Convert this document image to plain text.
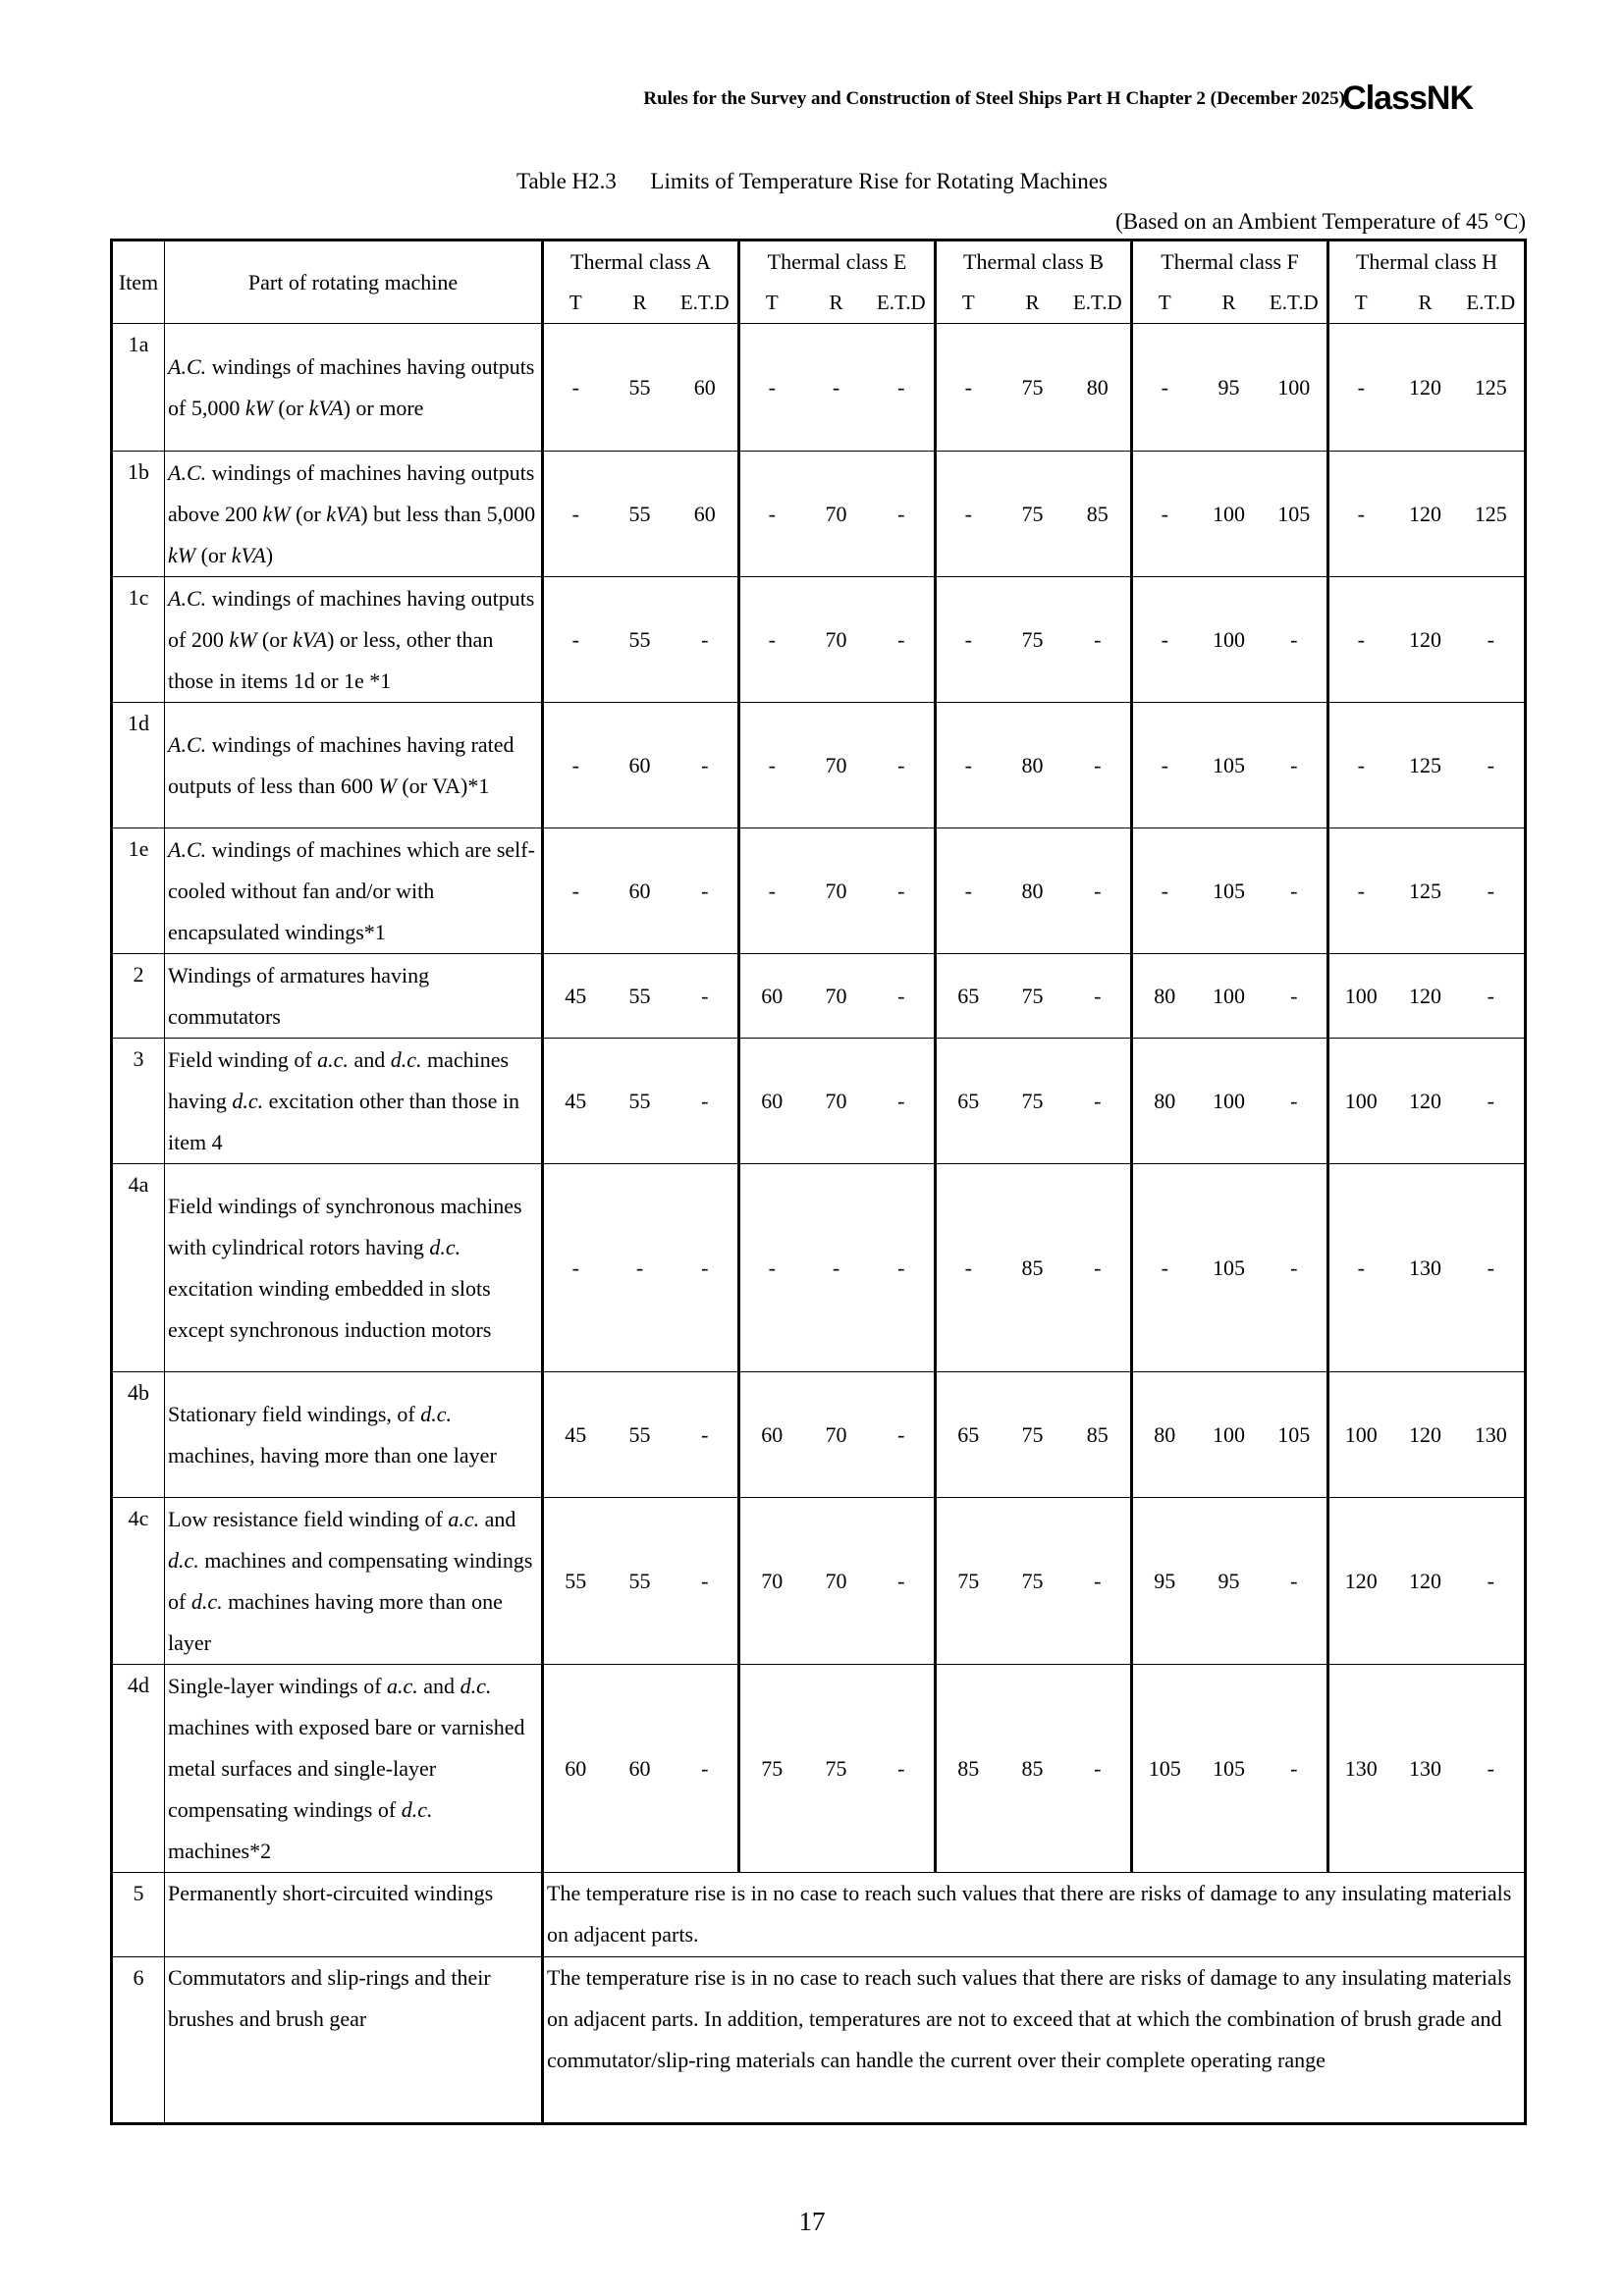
Rules for the Survey and Construction of Steel Ships Part H Chapter 2 (December 2025)
ClassNK
Table H2.3      Limits of Temperature Rise for Rotating Machines
(Based on an Ambient Temperature of 45 °C)
Item	Part of rotating machine	Thermal class A			Thermal class E			Thermal class B			Thermal class F			Thermal class H		
		T	R	E.T.D	T	R	E.T.D	T	R	E.T.D	T	R	E.T.D	T	R	E.T.D
1a	A.C. windings of machines having outputs of 5,000 kW (or kVA) or more	-	55	60	-	-	-	-	75	80	-	95	100	-	120	125
1b	A.C. windings of machines having outputs above 200 kW (or kVA) but less than 5,000 kW (or kVA)	-	55	60	-	70	-	-	75	85	-	100	105	-	120	125
1c	A.C. windings of machines having outputs of 200 kW (or kVA) or less, other than those in items 1d or 1e *1	-	55	-	-	70	-	-	75	-	-	100	-	-	120	-
1d	A.C. windings of machines having rated outputs of less than 600 W (or VA)*1	-	60	-	-	70	-	-	80	-	-	105	-	-	125	-
1e	A.C. windings of machines which are self-cooled without fan and/or with encapsulated windings*1	-	60	-	-	70	-	-	80	-	-	105	-	-	125	-
2	Windings of armatures having commutators	45	55	-	60	70	-	65	75	-	80	100	-	100	120	-
3	Field winding of a.c. and d.c. machines having d.c. excitation other than those in item 4	45	55	-	60	70	-	65	75	-	80	100	-	100	120	-
4a	Field windings of synchronous machines with cylindrical rotors having d.c. excitation winding embedded in slots except synchronous induction motors	-	-	-	-	-	-	-	85	-	-	105	-	-	130	-
4b	Stationary field windings, of d.c. machines, having more than one layer	45	55	-	60	70	-	65	75	85	80	100	105	100	120	130
4c	Low resistance field winding of a.c. and d.c. machines and compensating windings of d.c. machines having more than one layer	55	55	-	70	70	-	75	75	-	95	95	-	120	120	-
4d	Single-layer windings of a.c. and d.c. machines with exposed bare or varnished metal surfaces and single-layer compensating windings of d.c. machines*2	60	60	-	75	75	-	85	85	-	105	105	-	130	130	-
5	Permanently short-circuited windings	The temperature rise is in no case to reach such values that there are risks of damage to any insulating materials on adjacent parts.														
6	Commutators and slip-rings and their brushes and brush gear	The temperature rise is in no case to reach such values that there are risks of damage to any insulating materials on adjacent parts. In addition, temperatures are not to exceed that at which the combination of brush grade and commutator/slip-ring materials can handle the current over their complete operating range														
17
